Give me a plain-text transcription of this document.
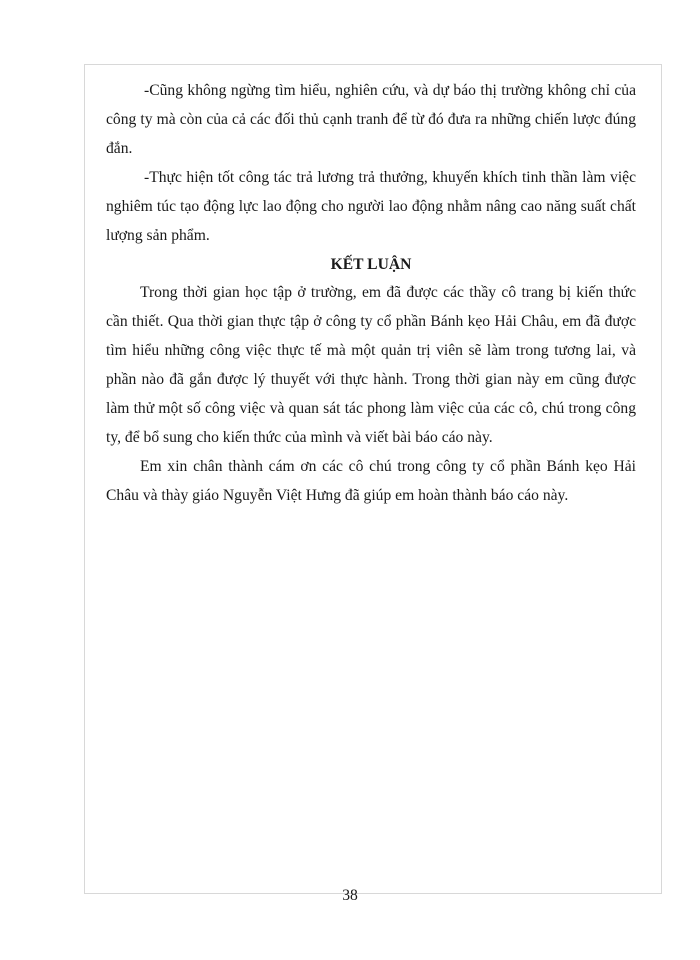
-Cũng không ngừng tìm hiểu, nghiên cứu, và dự báo thị trường không chỉ của công ty mà còn của cả các đối thủ cạnh tranh để từ đó đưa ra những chiến lược đúng đắn.

-Thực hiện tốt công tác trả lương trả thưởng, khuyến khích tinh thần làm việc nghiêm túc tạo động lực lao động cho người lao động nhằm nâng cao năng suất chất lượng sản phẩm.

KẾT LUẬN

Trong thời gian học tập ở trường, em đã được các thầy cô trang bị kiến thức cần thiết. Qua thời gian thực tập ở công ty cổ phần Bánh kẹo Hải Châu, em đã được tìm hiểu những công việc thực tế mà một quản trị viên sẽ làm trong tương lai, và phần nào đã gắn được lý thuyết với thực hành. Trong thời gian này em cũng được làm thử một số công việc và quan sát tác phong làm việc của các cô, chú trong công ty, để bổ sung cho kiến thức của mình và viết bài báo cáo này.

Em xin chân thành cám ơn các cô chú trong công ty cổ phần Bánh kẹo Hải Châu và thày giáo Nguyễn Việt Hưng đã giúp em hoàn thành báo cáo này.

38
